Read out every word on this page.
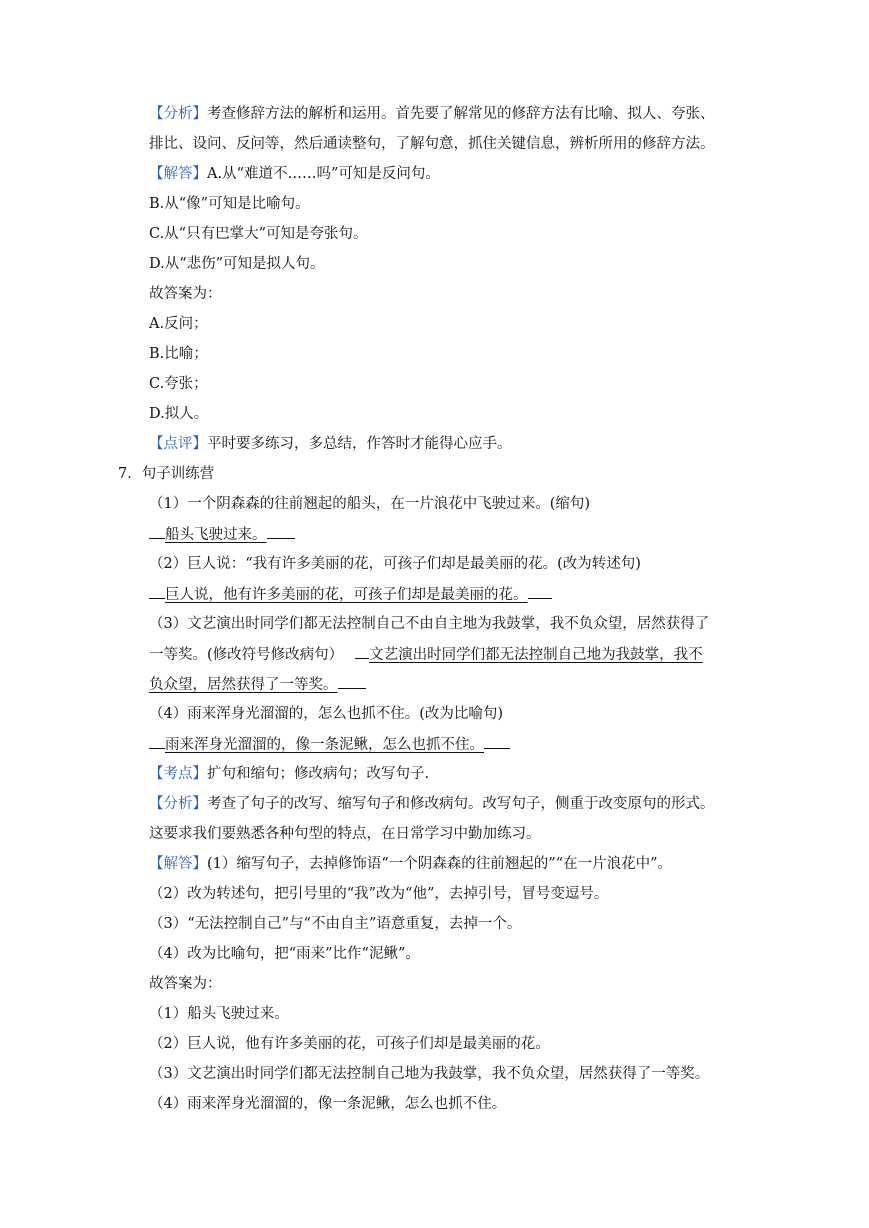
【分析】考查修辞方法的解析和运用。首先要了解常见的修辞方法有比喻、拟人、夸张、
排比、设问、反问等，然后通读整句，了解句意，抓住关键信息，辨析所用的修辞方法。
【解答】A.从“难道不……吗”可知是反问句。
B.从“像”可知是比喻句。
C.从“只有巴掌大”可知是夸张句。
D.从“悲伤”可知是拟人句。
故答案为：
A.反问；
B.比喻；
C.夸张；
D.拟人。
【点评】平时要多练习，多总结，作答时才能得心应手。
7．句子训练营
（1）一个阴森森的往前翘起的船头，在一片浪花中飞驶过来。(缩句)
船头飞驶过来。
（2）巨人说：“我有许多美丽的花，可孩子们却是最美丽的花。(改为转述句)
巨人说，他有许多美丽的花，可孩子们却是最美丽的花。
（3）文艺演出时同学们都无法控制自己不由自主地为我鼓掌，我不负众望，居然获得了
一等奖。(修改符号修改病句） 文艺演出时同学们都无法控制自己地为我鼓掌，我不
负众望，居然获得了一等奖。
（4）雨来浑身光溜溜的，怎么也抓不住。(改为比喻句)
雨来浑身光溜溜的，像一条泥鳅，怎么也抓不住。
【考点】扩句和缩句；修改病句；改写句子.
【分析】考查了句子的改写、缩写句子和修改病句。改写句子，侧重于改变原句的形式。
这要求我们要熟悉各种句型的特点，在日常学习中勤加练习。
【解答】(1）缩写句子，去掉修饰语“一个阴森森的往前翘起的”“在一片浪花中”。
（2）改为转述句，把引号里的“我”改为“他”，去掉引号，冒号变逗号。
（3）“无法控制自己”与“不由自主”语意重复，去掉一个。
（4）改为比喻句，把“雨来”比作“泥鳅”。
故答案为：
（1）船头飞驶过来。
（2）巨人说，他有许多美丽的花，可孩子们却是最美丽的花。
（3）文艺演出时同学们都无法控制自己地为我鼓掌，我不负众望，居然获得了一等奖。
（4）雨来浑身光溜溜的，像一条泥鳅，怎么也抓不住。
